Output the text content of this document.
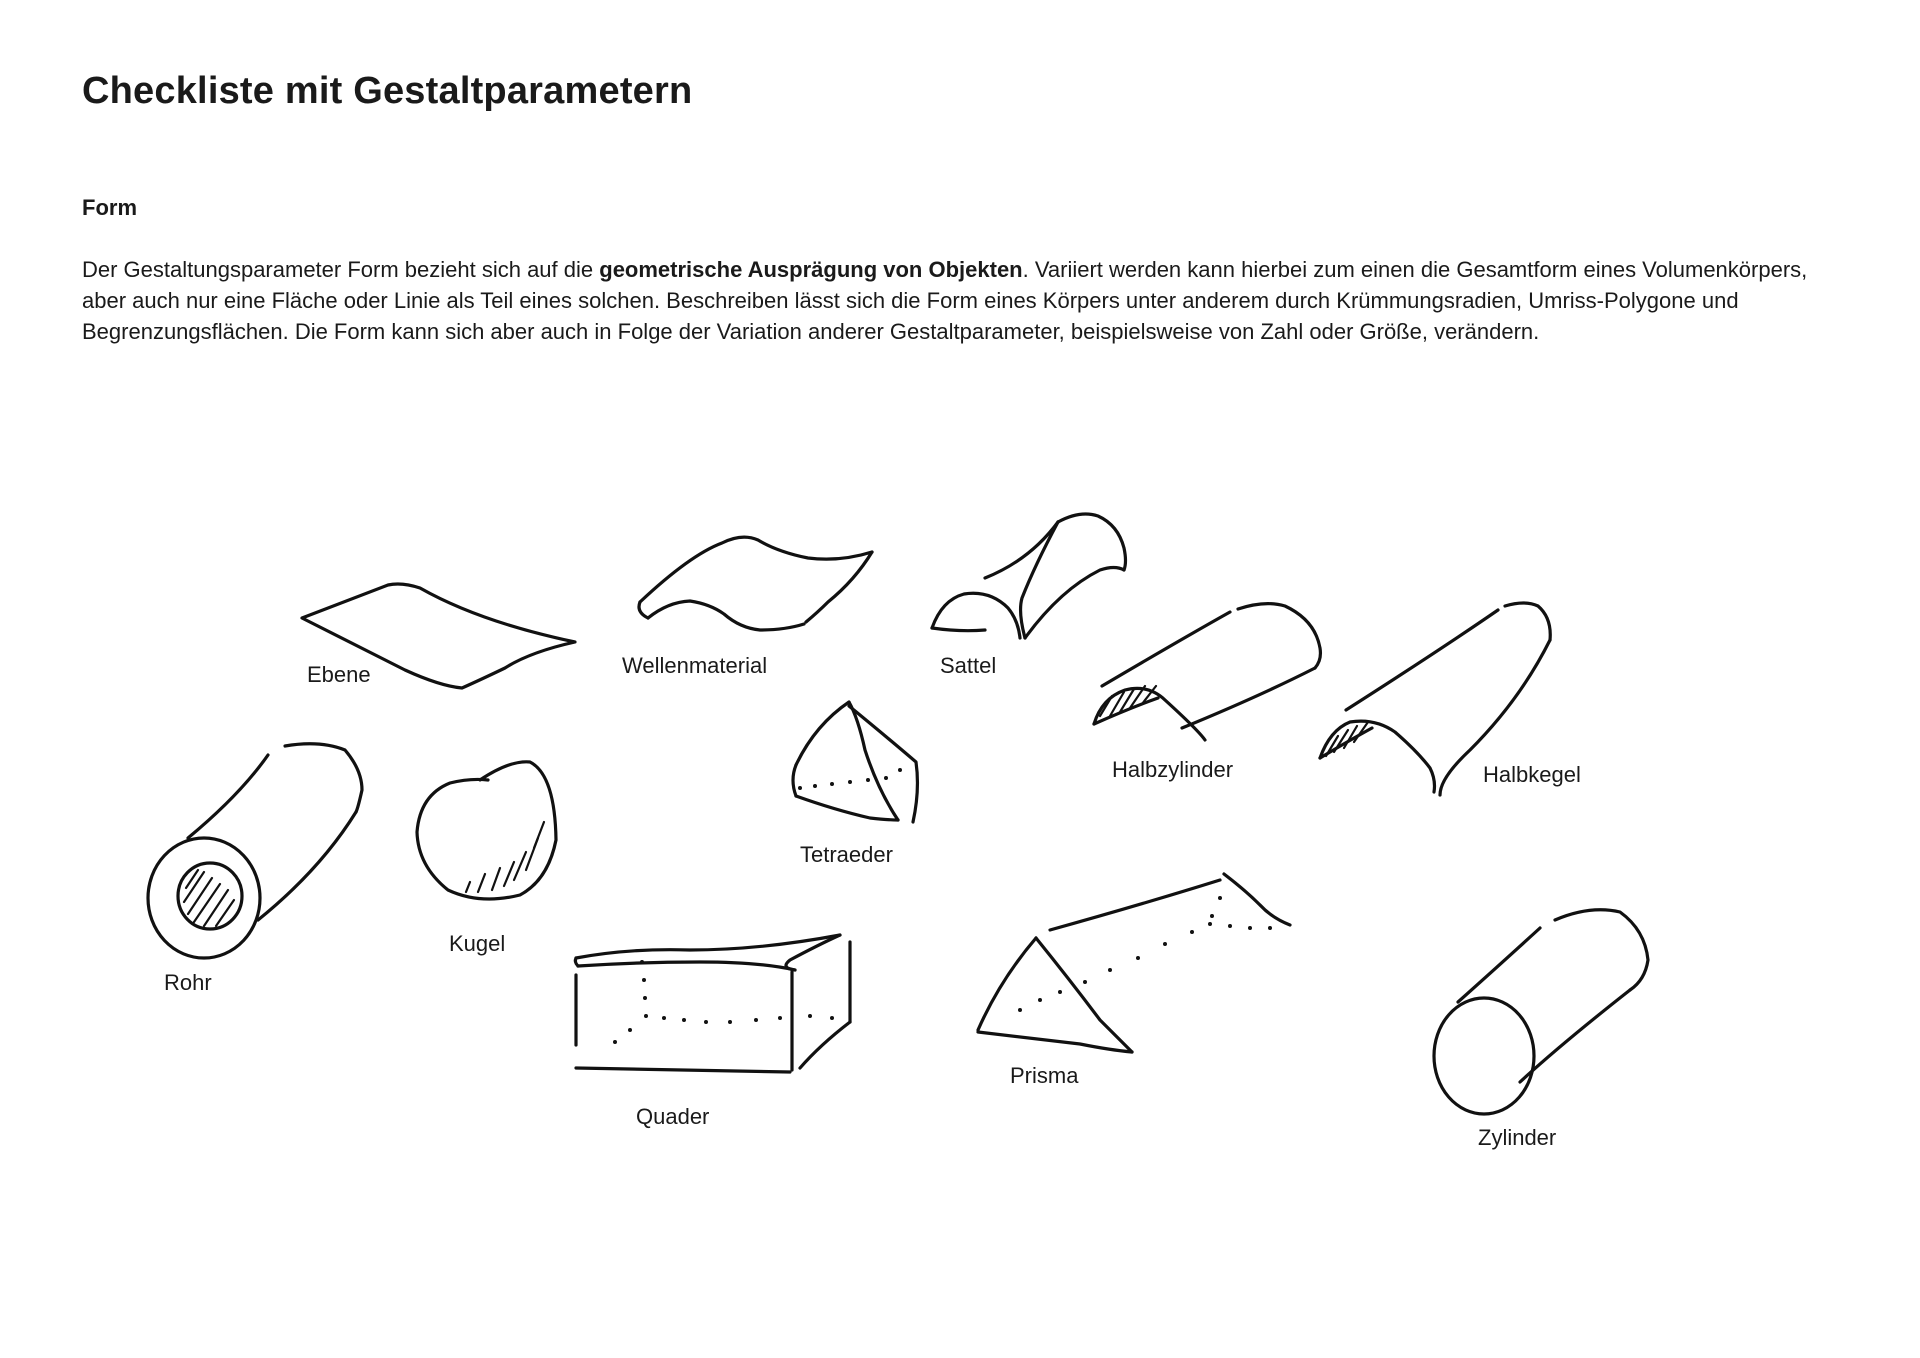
Checkliste mit Gestaltparametern
Form

Der Gestaltungsparameter Form bezieht sich auf die geometrische Ausprägung von Objekten. Variiert werden kann hierbei zum einen die Gesamtform eines Volumenkörpers, aber auch nur eine Fläche oder Linie als Teil eines solchen. Beschreiben lässt sich die Form eines Körpers unter anderem durch Krümmungsradien, Umriss-Polygone und Begrenzungsflächen. Die Form kann sich aber auch in Folge der Variation anderer Gestaltparameter, beispielsweise von Zahl oder Größe, verändern.

Ebene	Wellenmaterial	Sattel
Halbzylinder	Halbkegel
Tetraeder
Rohr
Kugel
Quader
Prisma
Zylinder
